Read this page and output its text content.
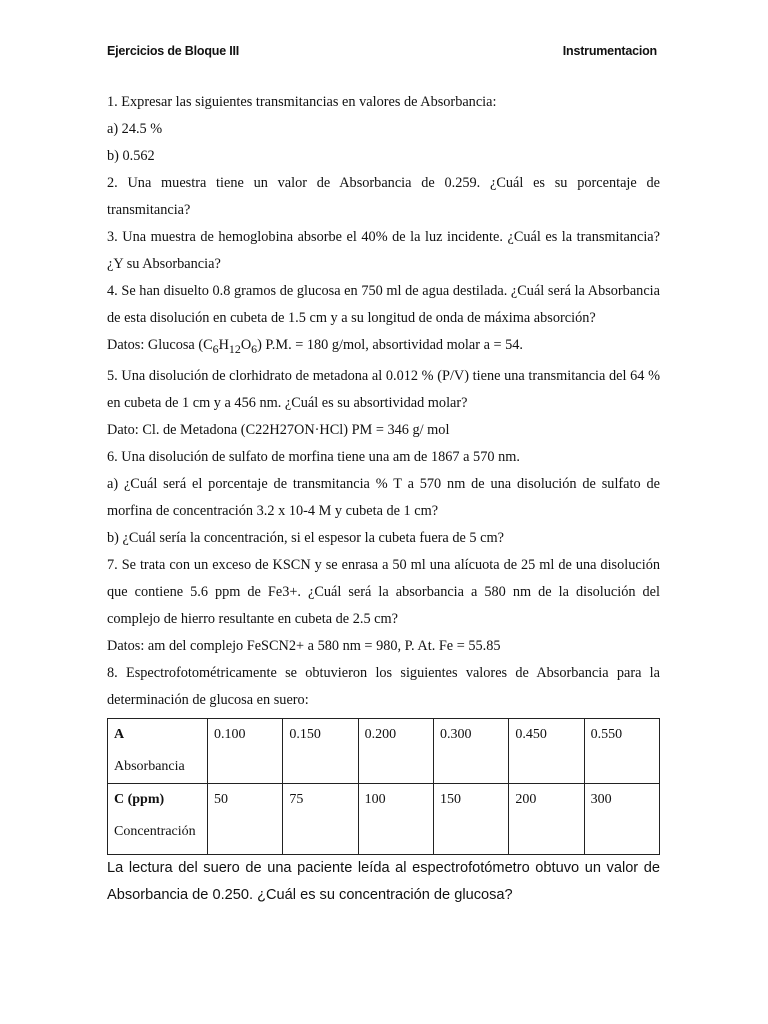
Ejercicios de Bloque III	Instrumentacion

1. Expresar las siguientes transmitancias en valores de Absorbancia:

a) 24.5 %

b) 0.562

2. Una muestra tiene un valor de Absorbancia de 0.259. ¿Cuál es su porcentaje de transmitancia?

3. Una muestra de hemoglobina absorbe el 40% de la luz incidente. ¿Cuál es la transmitancia? ¿Y su Absorbancia?

4. Se han disuelto 0.8 gramos de glucosa en 750 ml de agua destilada. ¿Cuál será la Absorbancia de esta disolución en cubeta de 1.5 cm y a su longitud de onda de máxima absorción?

Datos: Glucosa $(C_6H_{12}O_6) P.M$. = 180 g/mol, absortividad molar a = 54.

5. Una disolución de clorhidrato de metadona al 0.012 % (P/V) tiene una transmitancia del 64 % en cubeta de 1 cm y a 456 nm. ¿Cuál es su absortividad molar?

Dato: Cl. de Metadona (C22H27ON·HCl) PM = 346 g/ mol

6. Una disolución de sulfato de morfina tiene una am de 1867 a 570 nm.

a) ¿Cuál será el porcentaje de transmitancia % T a 570 nm de una disolución de sulfato de morfina de concentración 3.2 x 10-4 M y cubeta de 1 cm?

b) ¿Cuál sería la concentración, si el espesor la cubeta fuera de 5 cm?

7. Se trata con un exceso de KSCN y se enrasa a 50 ml una alícuota de 25 ml de una disolución que contiene 5.6 ppm de Fe3+. ¿Cuál será la absorbancia a 580 nm de la disolución del complejo de hierro resultante en cubeta de 2.5 cm?

Datos: am del complejo FeSCN2+ a 580 nm = 980, P. At. Fe = 55.85

8. Espectrofotométricamente se obtuvieron los siguientes valores de Absorbancia para la determinación de glucosa en suero:

A
Absorbancia	0.100	0.150	0.200	0.300	0.450	0.550

C (ppm)
Concentración	50	75	100	150	200	300

La lectura del suero de una paciente leída al espectrofotómetro obtuvo un valor de Absorbancia de 0.250. ¿Cuál es su concentración de glucosa?
